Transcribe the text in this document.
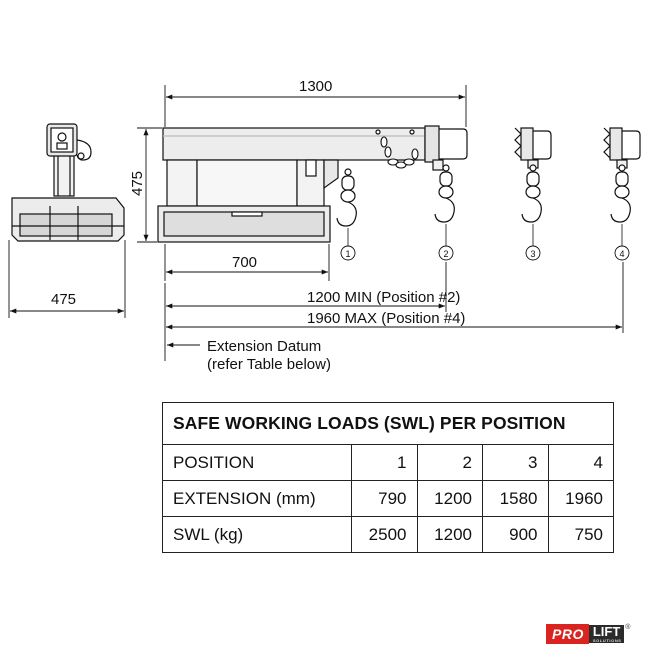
475
1	2	3	4
1300
475
700
1200 MIN (Position #2)
1960 MAX (Position #4)
Extension Datum
(refer Table below)
SAFE WORKING LOADS (SWL) PER POSITION				
POSITION	1	2	3	4
EXTENSION (mm)	790	1200	1580	1960
SWL (kg)	2500	1200	900	750
PRO LIFT
SOLUTIONS
®
